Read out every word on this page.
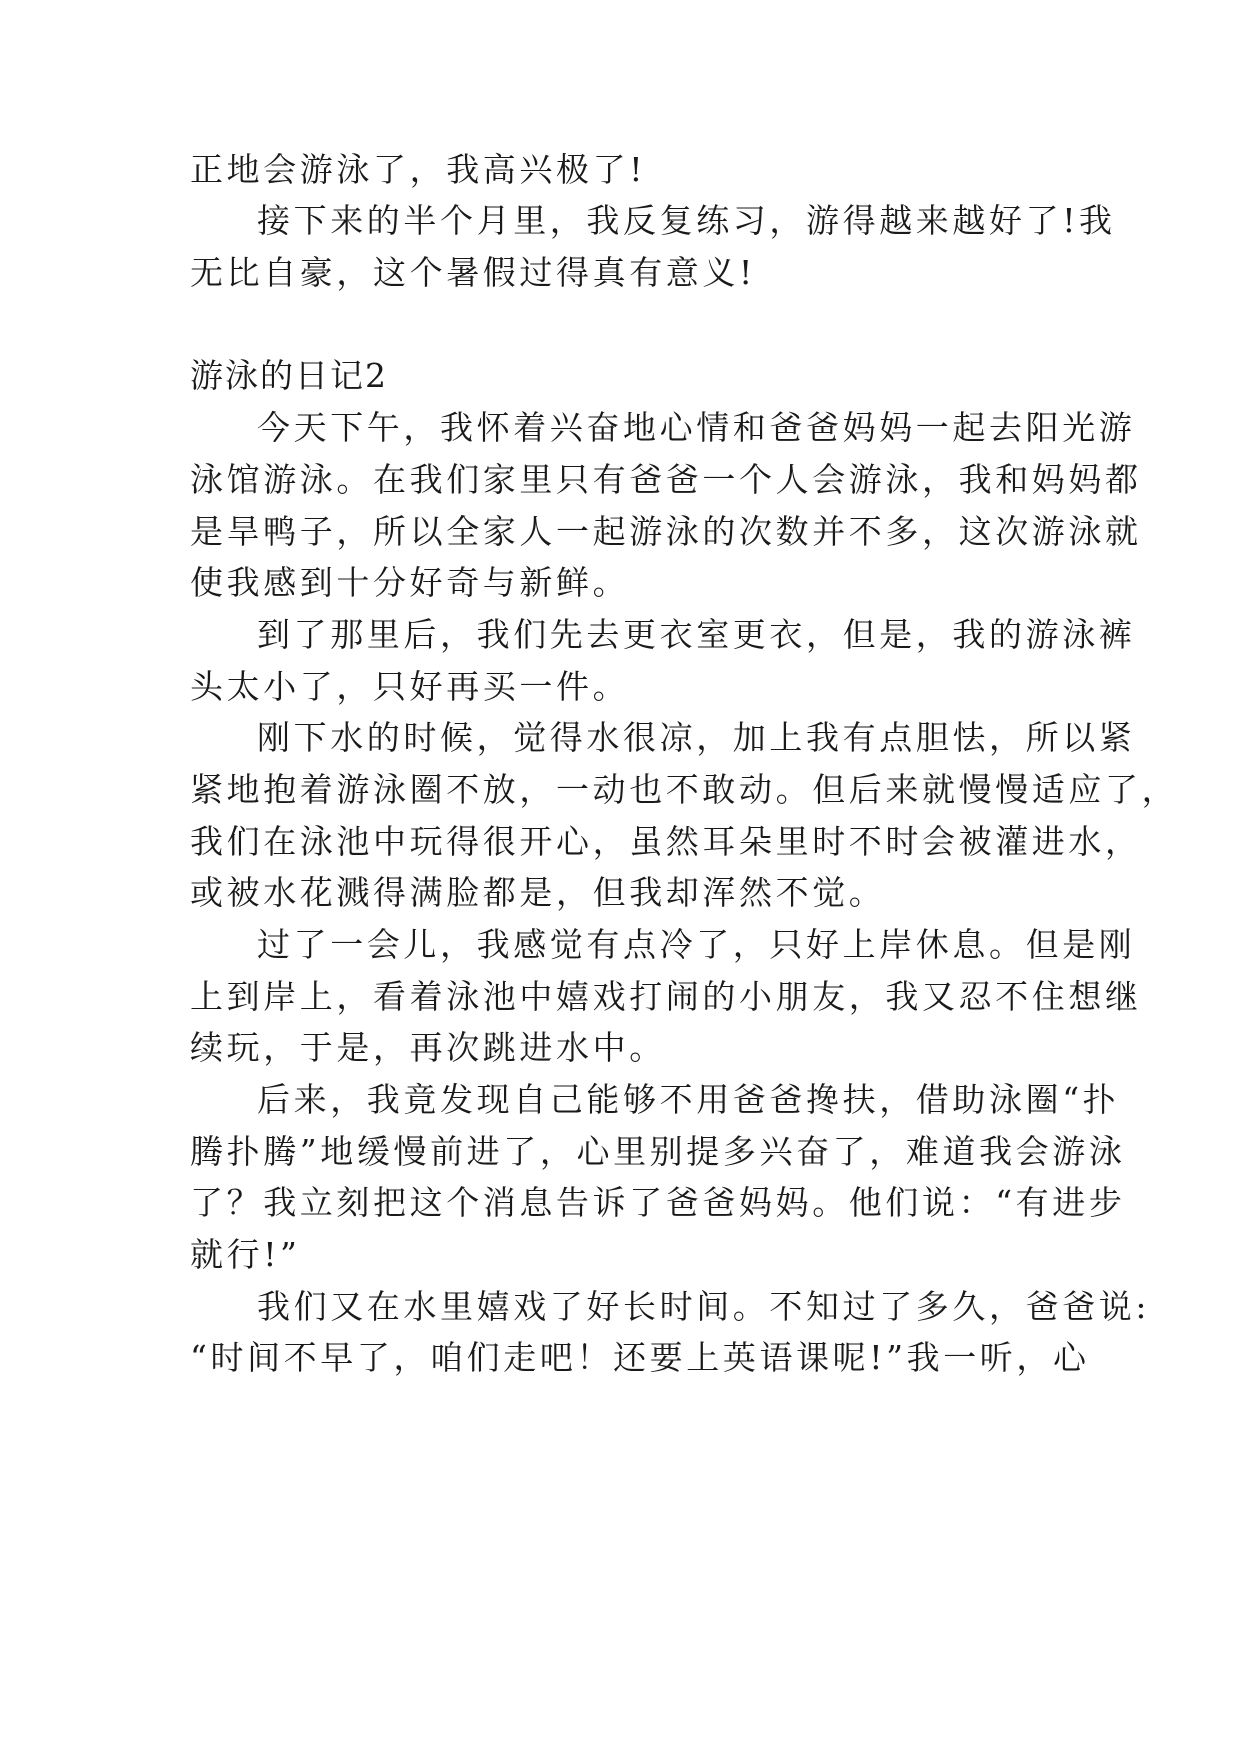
正地会游泳了，我高兴极了!
接下来的半个月里，我反复练习，游得越来越好了!我
无比自豪，这个暑假过得真有意义!
游泳的日记2
今天下午，我怀着兴奋地心情和爸爸妈妈一起去阳光游
泳馆游泳。在我们家里只有爸爸一个人会游泳，我和妈妈都
是旱鸭子，所以全家人一起游泳的次数并不多，这次游泳就
使我感到十分好奇与新鲜。
到了那里后，我们先去更衣室更衣，但是，我的游泳裤
头太小了，只好再买一件。
刚下水的时候，觉得水很凉，加上我有点胆怯，所以紧
紧地抱着游泳圈不放，一动也不敢动。但后来就慢慢适应了，
我们在泳池中玩得很开心，虽然耳朵里时不时会被灌进水，
或被水花溅得满脸都是，但我却浑然不觉。
过了一会儿，我感觉有点冷了，只好上岸休息。但是刚
上到岸上，看着泳池中嬉戏打闹的小朋友，我又忍不住想继
续玩，于是，再次跳进水中。
后来，我竟发现自己能够不用爸爸搀扶，借助泳圈“扑
腾扑腾”地缓慢前进了，心里别提多兴奋了，难道我会游泳
了？我立刻把这个消息告诉了爸爸妈妈。他们说：“有进步
就行!”
我们又在水里嬉戏了好长时间。不知过了多久，爸爸说:
“时间不早了，咱们走吧！还要上英语课呢!”我一听，心
